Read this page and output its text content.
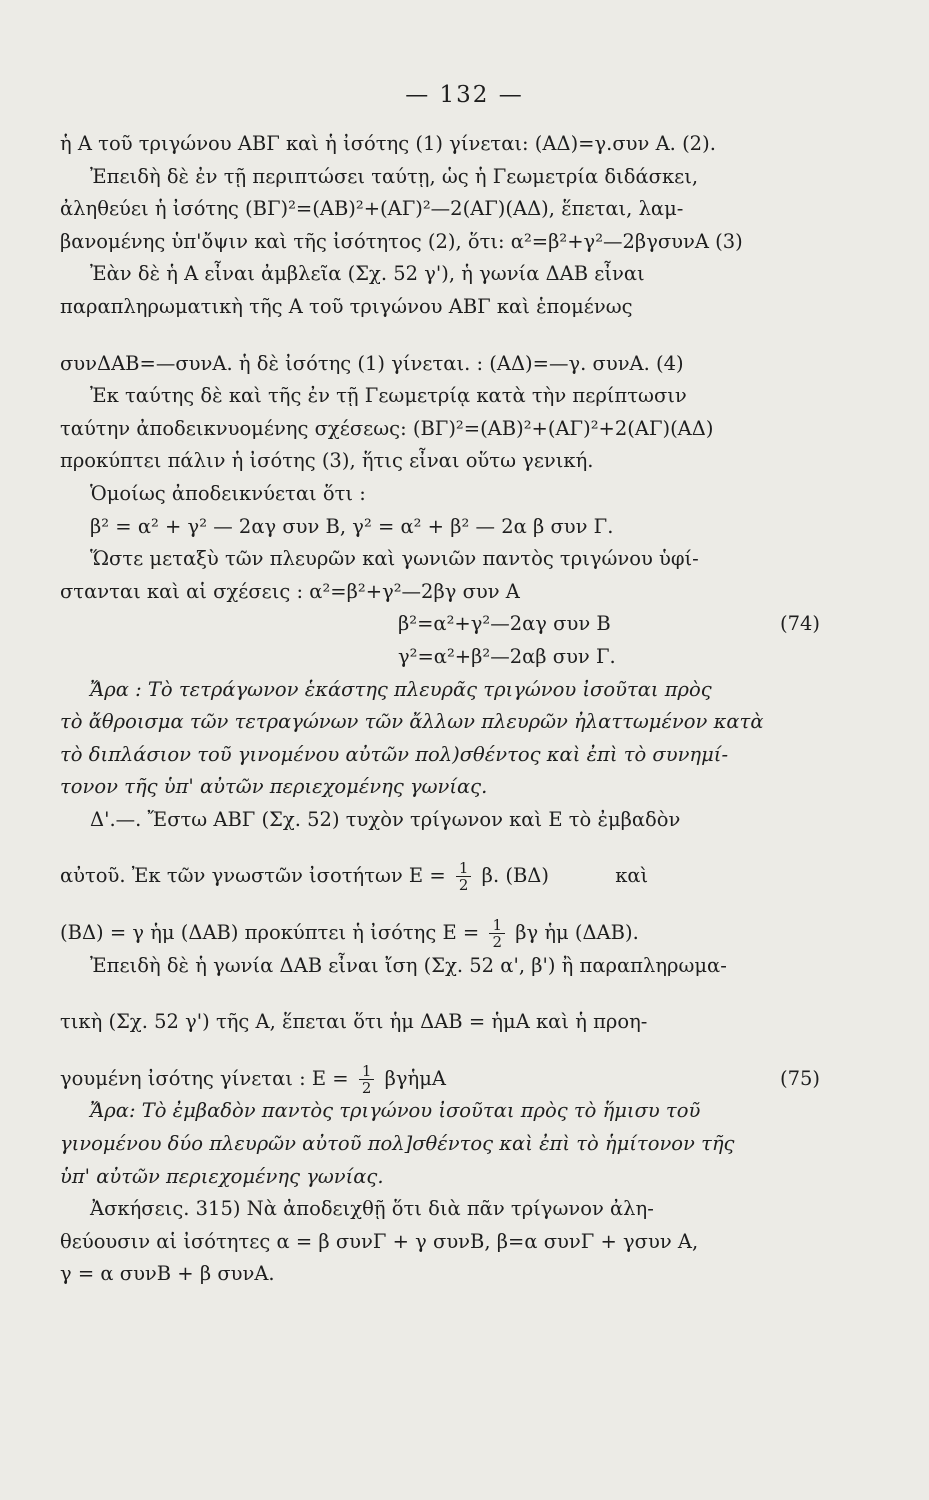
— 132 —
ἡ Α τοῦ τριγώνου ΑΒΓ καὶ ἡ ἰσότης (1) γίνεται: (ΑΔ)=γ.συν Α. (2).
Ἐπειδὴ δὲ ἐν τῇ περιπτώσει ταύτῃ, ὡς ἡ Γεωμετρία διδάσκει,
ἀληθεύει ἡ ἰσότης (ΒΓ)²=(ΑΒ)²+(ΑΓ)²—2(ΑΓ)(ΑΔ), ἕπεται, λαμ-
βανομένης ὑπ'ὄψιν καὶ τῆς ἰσότητος (2), ὅτι: α²=β²+γ²—2βγσυνΑ (3)
Ἐὰν δὲ ἡ Α εἶναι ἀμβλεῖα (Σχ. 52 γ'), ἡ γωνία ΔΑΒ εἶναι
παραπληρωματικὴ τῆς Α τοῦ τριγώνου ΑΒΓ καὶ ἑπομένως
συνΔΑΒ=—συνΑ. ἡ δὲ ἰσότης (1) γίνεται. : (ΑΔ)=—γ. συνΑ. (4)
Ἐκ ταύτης δὲ καὶ τῆς ἐν τῇ Γεωμετρίᾳ κατὰ τὴν περίπτωσιν
ταύτην ἀποδεικνυομένης σχέσεως: (ΒΓ)²=(ΑΒ)²+(ΑΓ)²+2(ΑΓ)(ΑΔ)
προκύπτει πάλιν ἡ ἰσότης (3), ἥτις εἶναι οὕτω γενική.
Ὁμοίως ἀποδεικνύεται ὅτι :
β² = α² + γ² — 2αγ συν Β, γ² = α² + β² — 2α β συν Γ.
Ὥστε μεταξὺ τῶν πλευρῶν καὶ γωνιῶν παντὸς τριγώνου ὑφί-
στανται καὶ αἱ σχέσεις : α²=β²+γ²—2βγ συν Α
β²=α²+γ²—2αγ συν Β	(74)
γ²=α²+β²—2αβ συν Γ.
Ἄρα : Τὸ τετράγωνον ἑκάστης πλευρᾶς τριγώνου ἰσοῦται πρὸς
τὸ ἄθροισμα τῶν τετραγώνων τῶν ἄλλων πλευρῶν ἠλαττωμένον κατὰ
τὸ διπλάσιον τοῦ γινομένου αὐτῶν πολ)σθέντος καὶ ἐπὶ τὸ συνημί-
τονον τῆς ὑπ' αὐτῶν περιεχομένης γωνίας.
Δ'.—. Ἔστω ΑΒΓ (Σχ. 52) τυχὸν τρίγωνον καὶ Ε τὸ ἐμβαδὸν
αὐτοῦ. Ἐκ τῶν γνωστῶν ἰσοτήτων $E = \frac{1}{2} \beta$. (ΒΔ)	καὶ
(ΒΔ) = γ ἡμ (ΔΑΒ) προκύπτει ἡ ἰσότης $E = \frac{1}{2}$ βγ ἡμ (ΔΑΒ).
Ἐπειδὴ δὲ ἡ γωνία ΔΑΒ εἶναι ἴση (Σχ. 52 α', β') ἢ παραπληρωμα-
τικὴ (Σχ. 52 γ') τῆς Α, ἕπεται ὅτι ἡμ ΔΑΒ = ἡμΑ καὶ ἡ προη-
γουμένη ἰσότης γίνεται : $E = \frac{1}{2}$ βγἡμΑ	(75)
Ἄρα: Τὸ ἐμβαδὸν παντὸς τριγώνου ἰσοῦται πρὸς τὸ ἥμισυ τοῦ
γινομένου δύο πλευρῶν αὐτοῦ πολ]σθέντος καὶ ἐπὶ τὸ ἡμίτονον τῆς
ὑπ' αὐτῶν περιεχομένης γωνίας.
Ἀσκήσεις. 315) Νὰ ἀποδειχθῇ ὅτι διὰ πᾶν τρίγωνον ἀλη-
θεύουσιν αἱ ἰσότητες α = β συνΓ + γ συνΒ, β=α συνΓ + γσυν Α,
γ = α συνΒ + β συνΑ.
